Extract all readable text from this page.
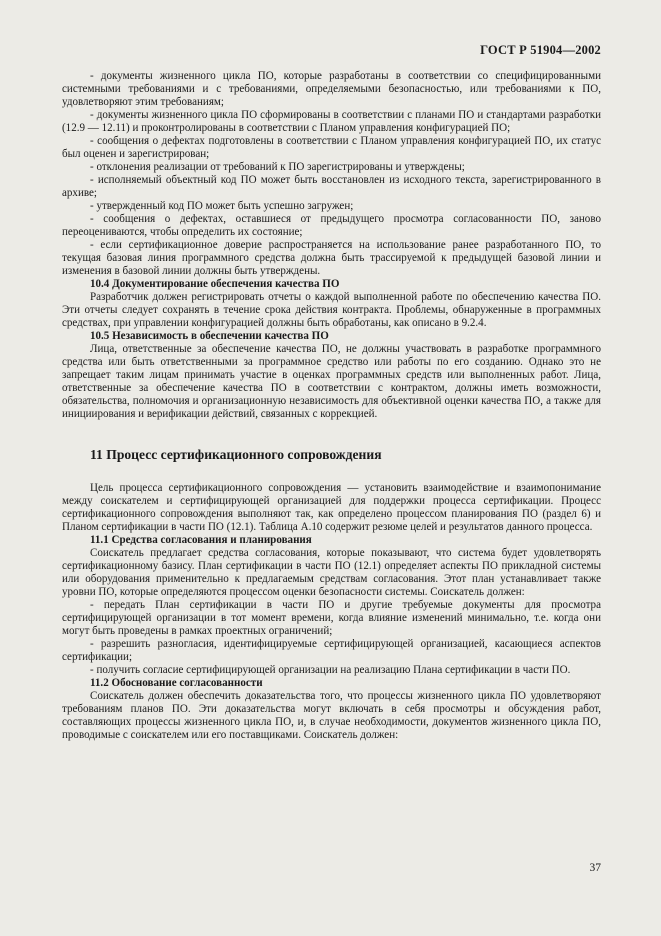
ГОСТ Р 51904—2002

- документы жизненного цикла ПО, которые разработаны в соответствии со специфицированными системными требованиями и с требованиями, определяемыми безопасностью, или требованиями к ПО, удовлетворяют этим требованиям;

- документы жизненного цикла ПО сформированы в соответствии с планами ПО и стандартами разработки (12.9 — 12.11) и проконтролированы в соответствии с Планом управления конфигурацией ПО;

- сообщения о дефектах подготовлены в соответствии с Планом управления конфигурацией ПО, их статус был оценен и зарегистрирован;

- отклонения реализации от требований к ПО зарегистрированы и утверждены;

- исполняемый объектный код ПО может быть восстановлен из исходного текста, зарегистрированного в архиве;

- утвержденный код ПО может быть успешно загружен;

- сообщения о дефектах, оставшиеся от предыдущего просмотра согласованности ПО, заново переоцениваются, чтобы определить их состояние;

- если сертификационное доверие распространяется на использование ранее разработанного ПО, то текущая базовая линия программного средства должна быть трассируемой к предыдущей базовой линии и изменения в базовой линии должны быть утверждены.

10.4 Документирование обеспечения качества ПО

Разработчик должен регистрировать отчеты о каждой выполненной работе по обеспечению качества ПО. Эти отчеты следует сохранять в течение срока действия контракта. Проблемы, обнаруженные в программных средствах, при управлении конфигурацией должны быть обработаны, как описано в 9.2.4.

10.5 Независимость в обеспечении качества ПО

Лица, ответственные за обеспечение качества ПО, не должны участвовать в разработке программного средства или быть ответственными за программное средство или работы по его созданию. Однако это не запрещает таким лицам принимать участие в оценках программных средств или выполненных работ. Лица, ответственные за обеспечение качества ПО в соответствии с контрактом, должны иметь возможности, обязательства, полномочия и организационную независимость для объективной оценки качества ПО, а также для инициирования и верификации действий, связанных с коррекцией.

11 Процесс сертификационного сопровождения

Цель процесса сертификационного сопровождения — установить взаимодействие и взаимопонимание между соискателем и сертифицирующей организацией для поддержки процесса сертификации. Процесс сертификационного сопровождения выполняют так, как определено процессом планирования ПО (раздел 6) и Планом сертификации в части ПО (12.1). Таблица А.10 содержит резюме целей и результатов данного процесса.

11.1 Средства согласования и планирования

Соискатель предлагает средства согласования, которые показывают, что система будет удовлетворять сертификационному базису. План сертификации в части ПО (12.1) определяет аспекты ПО прикладной системы или оборудования применительно к предлагаемым средствам согласования. Этот план устанавливает также уровни ПО, которые определяются процессом оценки безопасности системы. Соискатель должен:

- передать План сертификации в части ПО и другие требуемые документы для просмотра сертифицирующей организации в тот момент времени, когда влияние изменений минимально, т.е. когда они могут быть проведены в рамках проектных ограничений;

- разрешить разногласия, идентифицируемые сертифицирующей организацией, касающиеся аспектов сертификации;

- получить согласие сертифицирующей организации на реализацию Плана сертификации в части ПО.

11.2 Обоснование согласованности

Соискатель должен обеспечить доказательства того, что процессы жизненного цикла ПО удовлетворяют требованиям планов ПО. Эти доказательства могут включать в себя просмотры и обсуждения работ, составляющих процессы жизненного цикла ПО, и, в случае необходимости, документов жизненного цикла ПО, проводимые с соискателем или его поставщиками. Соискатель должен:

37
